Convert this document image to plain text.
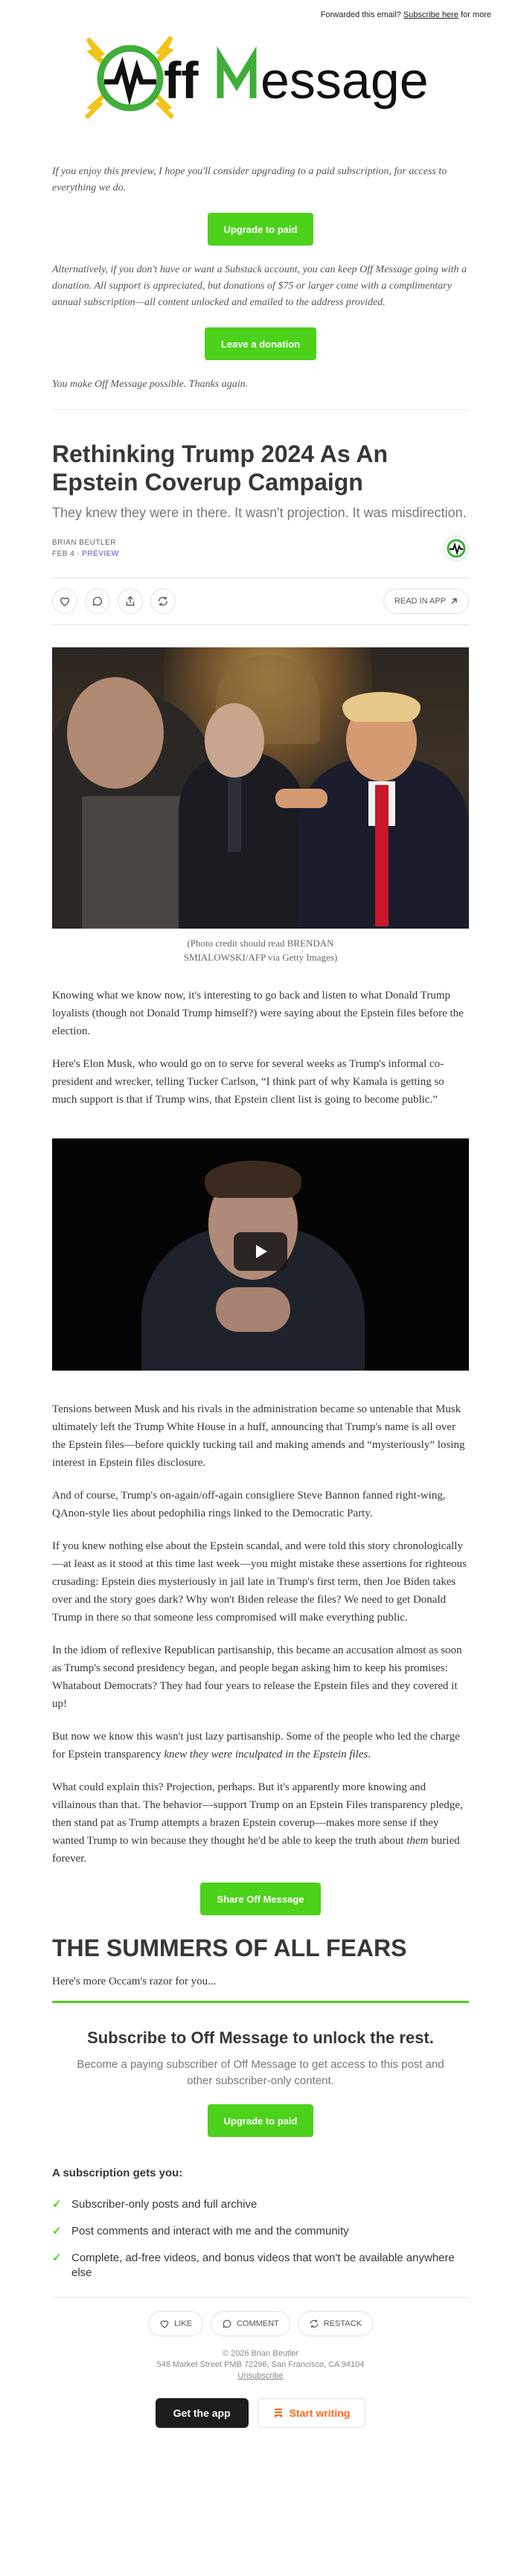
Forwarded this email? Subscribe here for more
ff essage

If you enjoy this preview, I hope you'll consider upgrading to a paid subscription, for access to everything we do.

Upgrade to paid

Alternatively, if you don't have or want a Substack account, you can keep Off Message going with a donation. All support is appreciated, but donations of $75 or larger come with a complimentary annual subscription—all content unlocked and emailed to the address provided.

Leave a donation

You make Off Message possible. Thanks again.

Rethinking Trump 2024 As An Epstein Coverup Campaign
They knew they were in there. It wasn't projection. It was misdirection.
BRIAN BEUTLER
FEB 4 ∙ PREVIEW
READ IN APP
(Photo credit should read BRENDAN SMIALOWSKI/AFP via Getty Images)

Knowing what we know now, it's interesting to go back and listen to what Donald Trump loyalists (though not Donald Trump himself?) were saying about the Epstein files before the election.

Here's Elon Musk, who would go on to serve for several weeks as Trump's informal co-president and wrecker, telling Tucker Carlson, “I think part of why Kamala is getting so much support is that if Trump wins, that Epstein client list is going to become public.”

Tensions between Musk and his rivals in the administration became so untenable that Musk ultimately left the Trump White House in a huff, announcing that Trump's name is all over the Epstein files—before quickly tucking tail and making amends and “mysteriously” losing interest in Epstein files disclosure.

And of course, Trump's on-again/off-again consigliere Steve Bannon fanned right-wing, QAnon-style lies about pedophilia rings linked to the Democratic Party.

If you knew nothing else about the Epstein scandal, and were told this story chronologically—at least as it stood at this time last week—you might mistake these assertions for righteous crusading: Epstein dies mysteriously in jail late in Trump's first term, then Joe Biden takes over and the story goes dark? Why won't Biden release the files? We need to get Donald Trump in there so that someone less compromised will make everything public.

In the idiom of reflexive Republican partisanship, this became an accusation almost as soon as Trump's second presidency began, and people began asking him to keep his promises: Whatabout Democrats? They had four years to release the Epstein files and they covered it up!

But now we know this wasn't just lazy partisanship. Some of the people who led the charge for Epstein transparency knew they were inculpated in the Epstein files.

What could explain this? Projection, perhaps. But it's apparently more knowing and villainous than that. The behavior—support Trump on an Epstein Files transparency pledge, then stand pat as Trump attempts a brazen Epstein coverup—makes more sense if they wanted Trump to win because they thought he'd be able to keep the truth about them buried forever.

Share Off Message
THE SUMMERS OF ALL FEARS

Here's more Occam's razor for you...

Subscribe to Off Message to unlock the rest.

Become a paying subscriber of Off Message to get access to this post and other subscriber-only content.

Upgrade to paid
A subscription gets you:
✓ Subscriber-only posts and full archive
✓ Post comments and interact with me and the community
✓ Complete, ad-free videos, and bonus videos that won't be available anywhere else
LIKE	COMMENT	RESTACK
© 2026 Brian Beutler
548 Market Street PMB 72296, San Francisco, CA 94104
Unsubscribe
Get the app	Start writing
